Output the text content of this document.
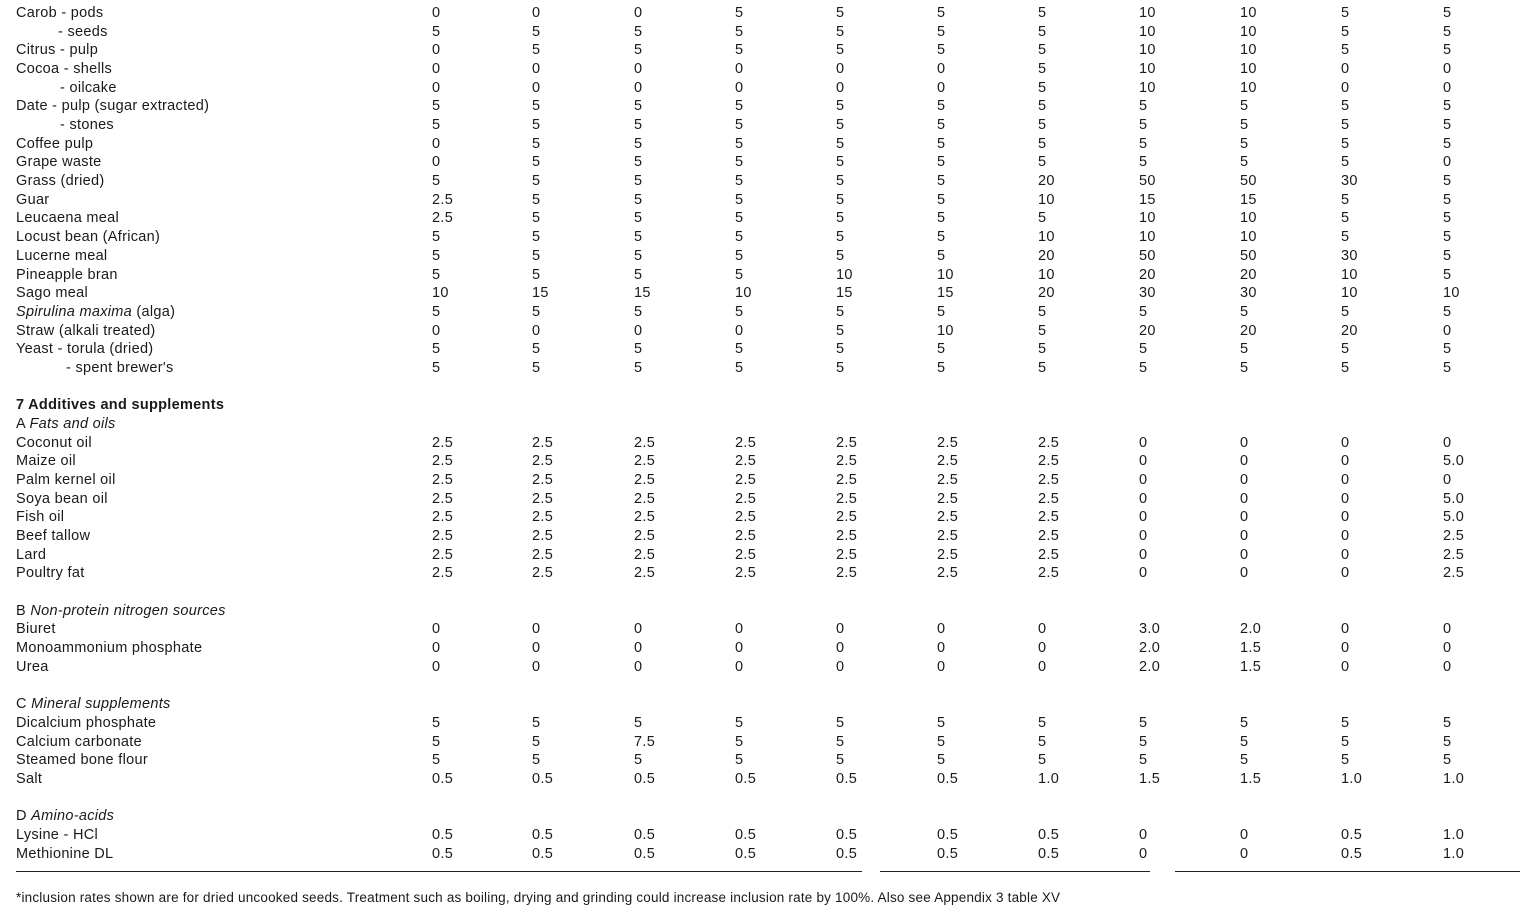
Carob - pods	0	0	0	5	5	5	5	10	10	5	5
- seeds	5	5	5	5	5	5	5	10	10	5	5
Citrus - pulp	0	5	5	5	5	5	5	10	10	5	5
Cocoa - shells	0	0	0	0	0	0	5	10	10	0	0
- oilcake	0	0	0	0	0	0	5	10	10	0	0
Date - pulp (sugar extracted)	5	5	5	5	5	5	5	5	5	5	5
- stones	5	5	5	5	5	5	5	5	5	5	5
Coffee pulp	0	5	5	5	5	5	5	5	5	5	5
Grape waste	0	5	5	5	5	5	5	5	5	5	0
Grass (dried)	5	5	5	5	5	5	20	50	50	30	5
Guar	2.5	5	5	5	5	5	10	15	15	5	5
Leucaena meal	2.5	5	5	5	5	5	5	10	10	5	5
Locust bean (African)	5	5	5	5	5	5	10	10	10	5	5
Lucerne meal	5	5	5	5	5	5	20	50	50	30	5
Pineapple bran	5	5	5	5	10	10	10	20	20	10	5
Sago meal	10	15	15	10	15	15	20	30	30	10	10
Spirulina maxima (alga)	5	5	5	5	5	5	5	5	5	5	5
Straw (alkali treated)	0	0	0	0	5	10	5	20	20	20	0
Yeast - torula (dried)	5	5	5	5	5	5	5	5	5	5	5
- spent brewer's	5	5	5	5	5	5	5	5	5	5	5
7 Additives and supplements
A Fats and oils
Coconut oil	2.5	2.5	2.5	2.5	2.5	2.5	2.5	0	0	0	0
Maize oil	2.5	2.5	2.5	2.5	2.5	2.5	2.5	0	0	0	5.0
Palm kernel oil	2.5	2.5	2.5	2.5	2.5	2.5	2.5	0	0	0	0
Soya bean oil	2.5	2.5	2.5	2.5	2.5	2.5	2.5	0	0	0	5.0
Fish oil	2.5	2.5	2.5	2.5	2.5	2.5	2.5	0	0	0	5.0
Beef tallow	2.5	2.5	2.5	2.5	2.5	2.5	2.5	0	0	0	2.5
Lard	2.5	2.5	2.5	2.5	2.5	2.5	2.5	0	0	0	2.5
Poultry fat	2.5	2.5	2.5	2.5	2.5	2.5	2.5	0	0	0	2.5
B Non-protein nitrogen sources
Biuret	0	0	0	0	0	0	0	3.0	2.0	0	0
Monoammonium phosphate	0	0	0	0	0	0	0	2.0	1.5	0	0
Urea	0	0	0	0	0	0	0	2.0	1.5	0	0
C Mineral supplements
Dicalcium phosphate	5	5	5	5	5	5	5	5	5	5	5
Calcium carbonate	5	5	7.5	5	5	5	5	5	5	5	5
Steamed bone flour	5	5	5	5	5	5	5	5	5	5	5
Salt	0.5	0.5	0.5	0.5	0.5	0.5	1.0	1.5	1.5	1.0	1.0
D Amino-acids
Lysine - HCl	0.5	0.5	0.5	0.5	0.5	0.5	0.5	0	0	0.5	1.0
Methionine DL	0.5	0.5	0.5	0.5	0.5	0.5	0.5	0	0	0.5	1.0
*inclusion rates shown are for dried uncooked seeds. Treatment such as boiling, drying and grinding could increase inclusion rate by 100%. Also see Appendix 3 table XV
